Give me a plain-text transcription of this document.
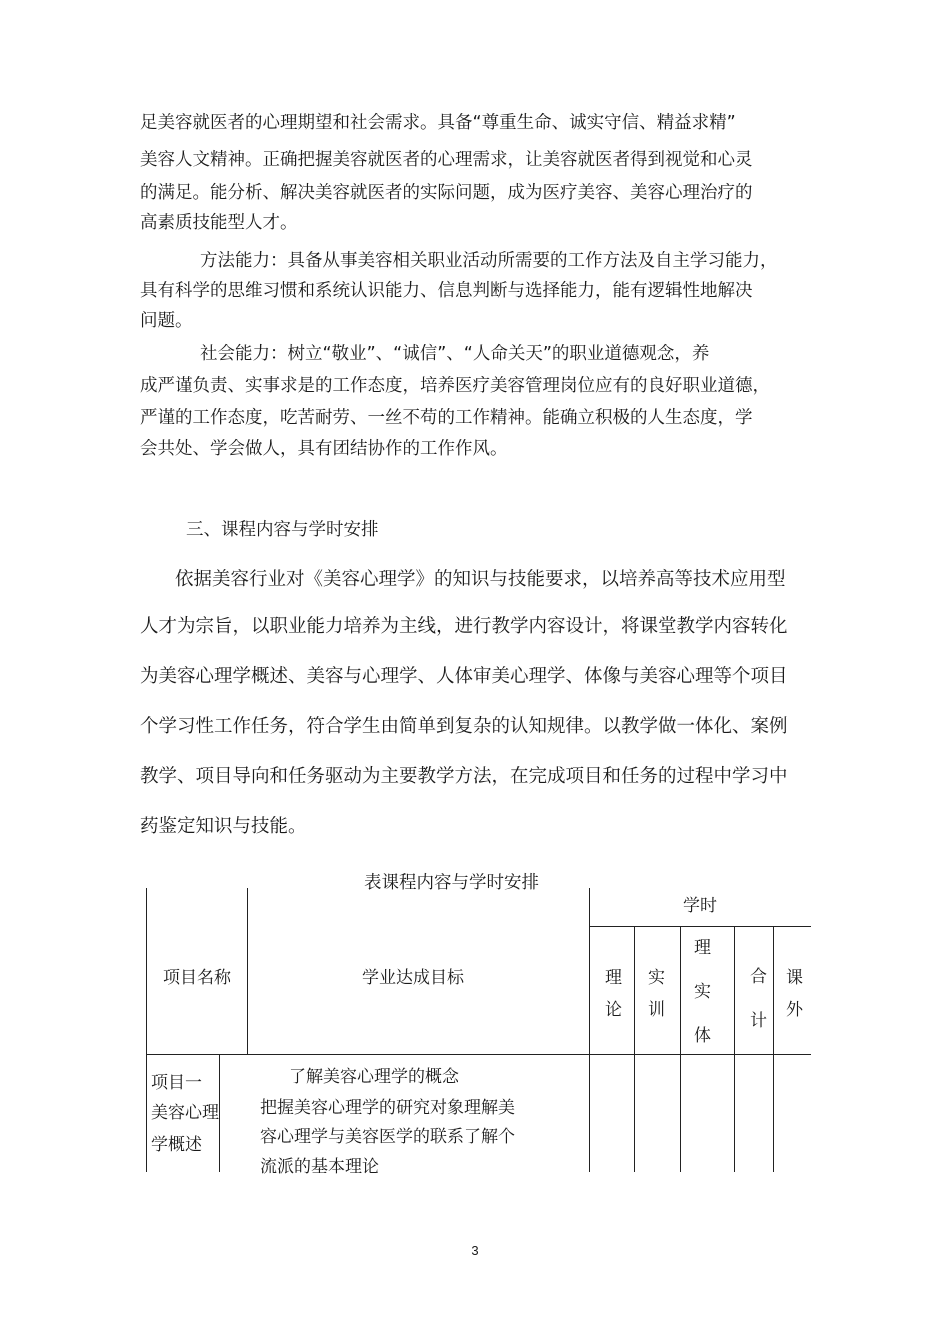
足美容就医者的心理期望和社会需求。具备“尊重生命、诚实守信、精益求精”
美容人文精神。正确把握美容就医者的心理需求，让美容就医者得到视觉和心灵
的满足。能分析、解决美容就医者的实际问题，成为医疗美容、美容心理治疗的
高素质技能型人才。
方法能力：具备从事美容相关职业活动所需要的工作方法及自主学习能力，
具有科学的思维习惯和系统认识能力、信息判断与选择能力，能有逻辑性地解决
问题。
社会能力：树立“敬业”、“诚信”、“人命关天”的职业道德观念，养
成严谨负责、实事求是的工作态度，培养医疗美容管理岗位应有的良好职业道德，
严谨的工作态度，吃苦耐劳、一丝不苟的工作精神。能确立积极的人生态度，学
会共处、学会做人，具有团结协作的工作作风。
三、课程内容与学时安排
依据美容行业对《美容心理学》的知识与技能要求，以培养高等技术应用型
人才为宗旨，以职业能力培养为主线，进行教学内容设计，将课堂教学内容转化
为美容心理学概述、美容与心理学、人体审美心理学、体像与美容心理等个项目
个学习性工作任务，符合学生由简单到复杂的认知规律。以教学做一体化、案例
教学、项目导向和任务驱动为主要教学方法，在完成项目和任务的过程中学习中
药鉴定知识与技能。
表课程内容与学时安排
项目名称	学业达成目标
学时
理论
实训
理实体
合计
课外
项目一
美容心理
学概述
了解美容心理学的概念
把握美容心理学的研究对象理解美
容心理学与美容医学的联系了解个
流派的基本理论
3
